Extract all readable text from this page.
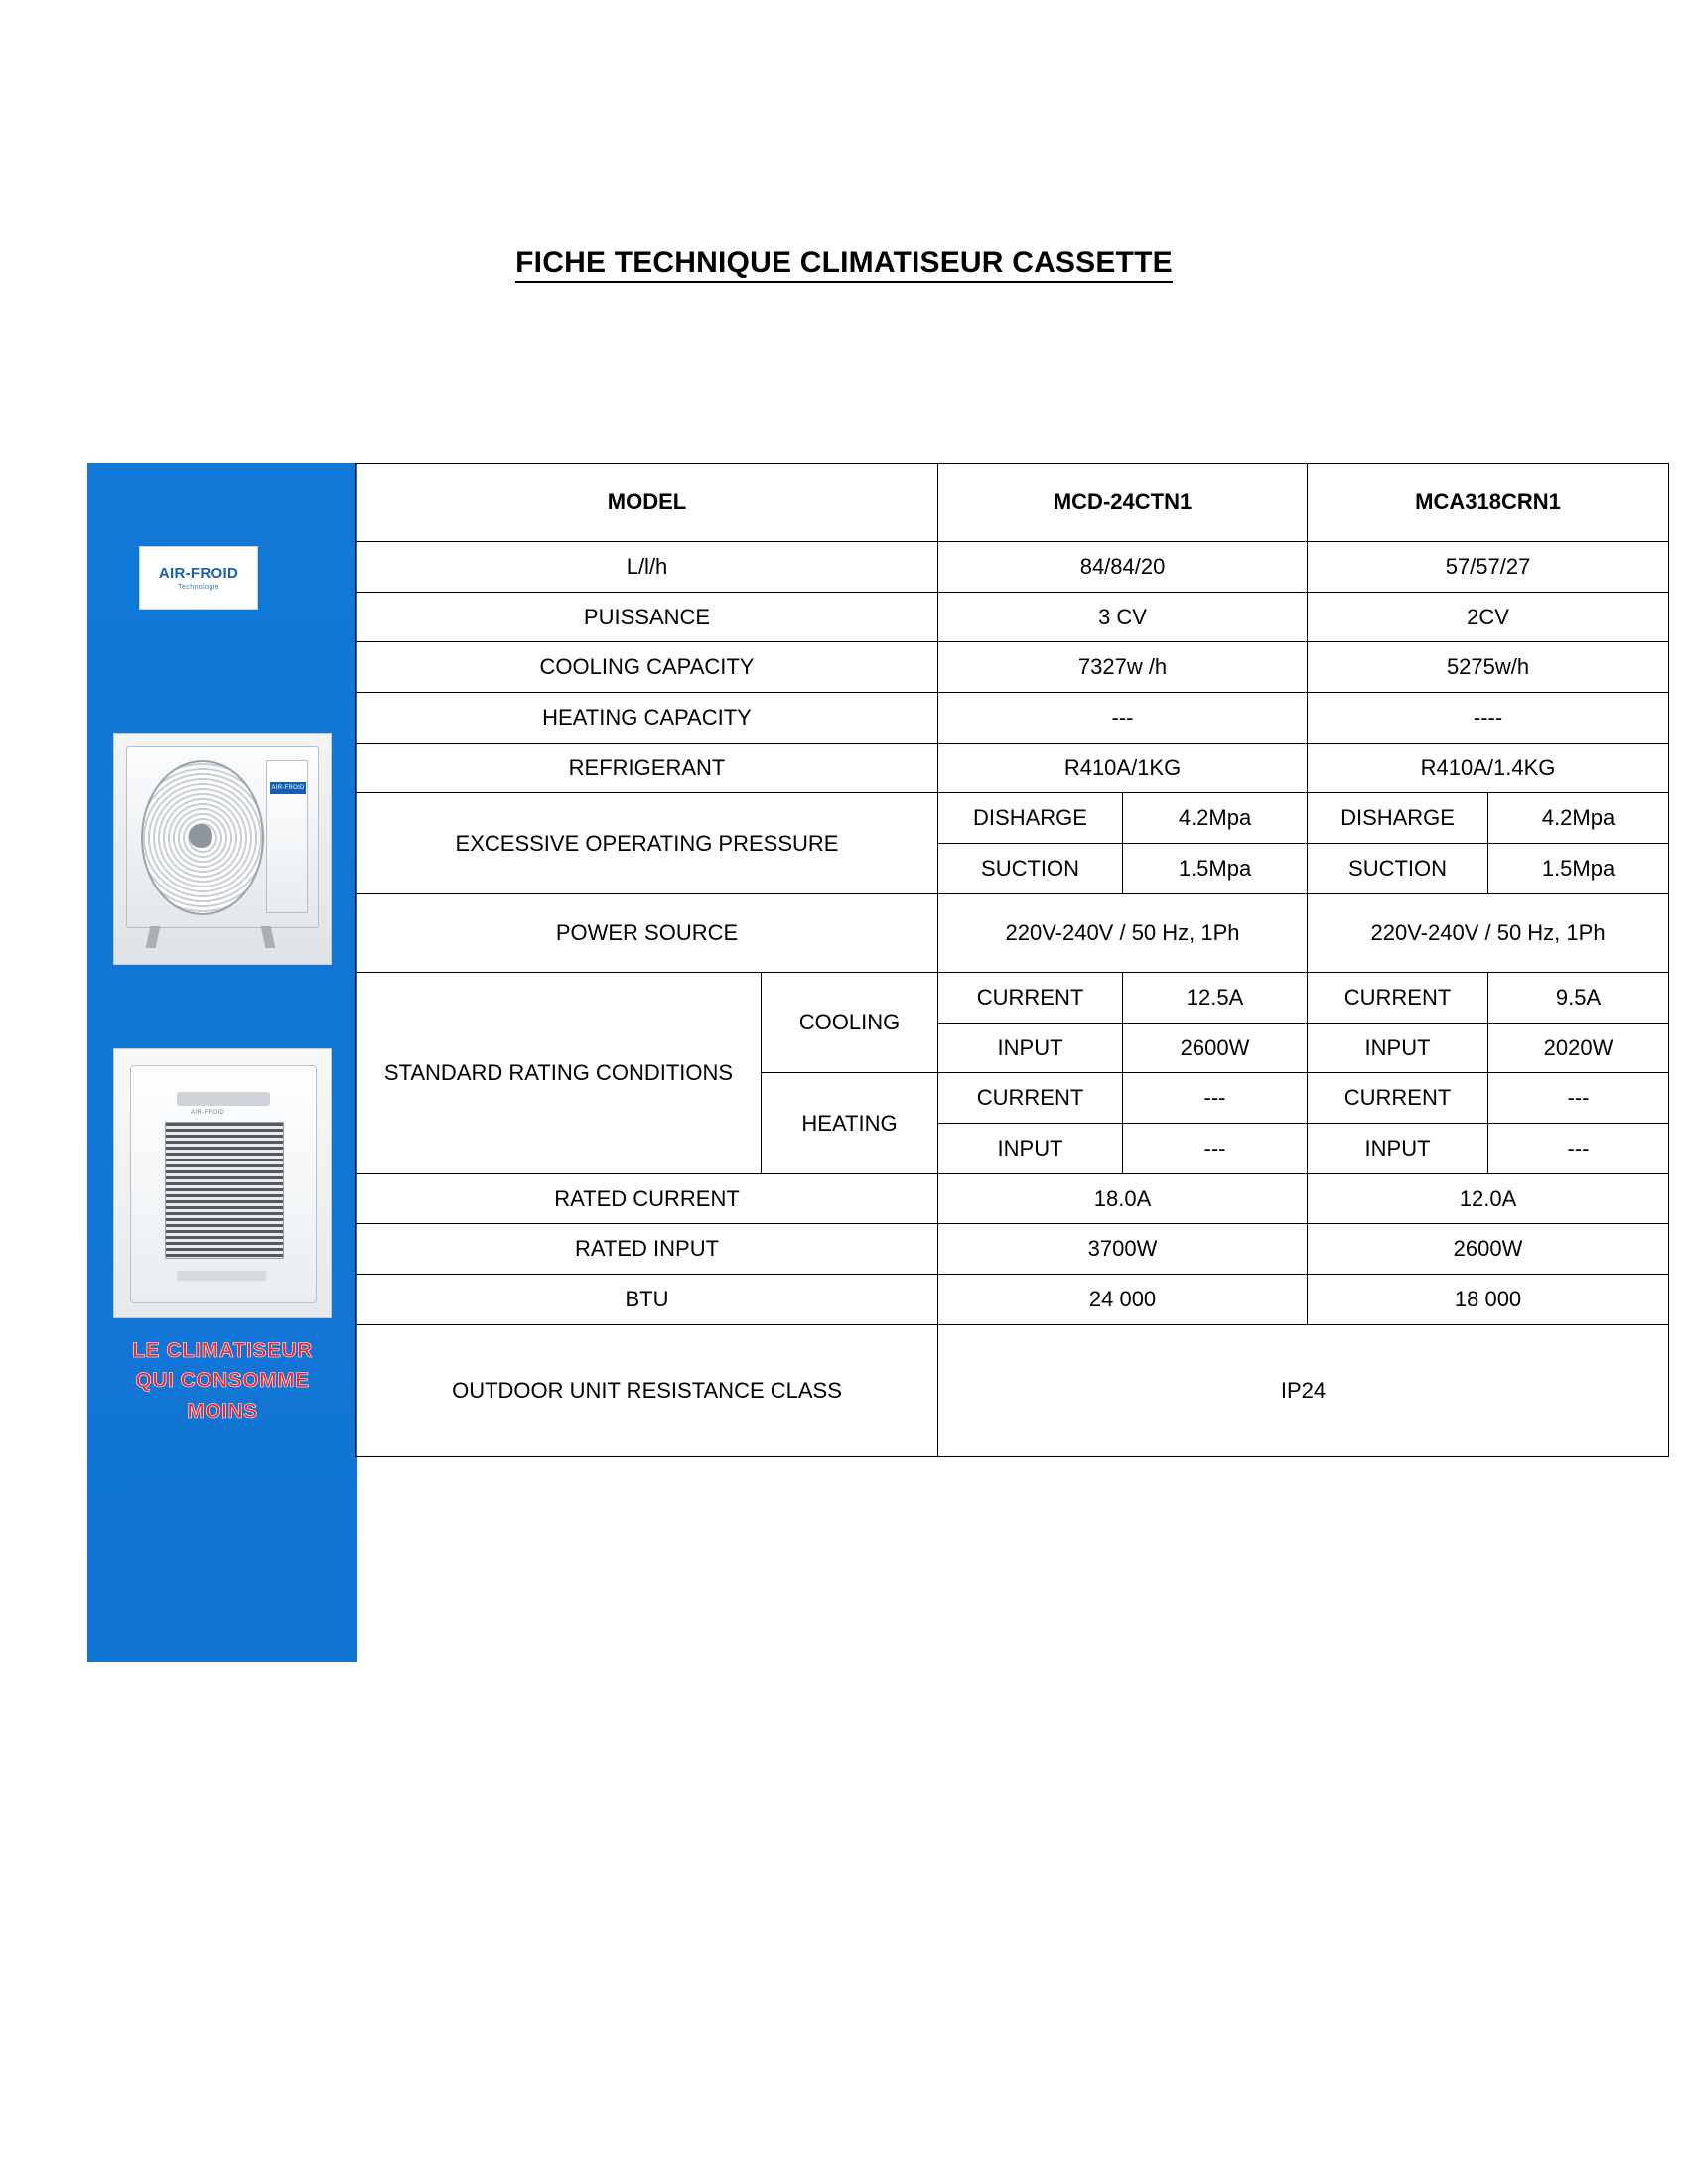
FICHE TECHNIQUE CLIMATISEUR CASSETTE
AIR-FROID
Technologie
AIR-FROID
AIR-FROID
LE CLIMATISEUR
QUI CONSOMME
MOINS
MODEL		MCD-24CTN1		MCA318CRN1	
L/l/h		84/84/20		57/57/27	
PUISSANCE		3 CV		2CV	
COOLING CAPACITY		7327w /h		5275w/h	
HEATING CAPACITY		---		----	
REFRIGERANT		R410A/1KG		R410A/1.4KG	
EXCESSIVE OPERATING PRESSURE		DISHARGE	4.2Mpa	DISHARGE	4.2Mpa
		SUCTION	1.5Mpa	SUCTION	1.5Mpa
POWER SOURCE		220V-240V / 50 Hz, 1Ph		220V-240V / 50 Hz, 1Ph	
STANDARD RATING CONDITIONS	COOLING	CURRENT	12.5A	CURRENT	9.5A
		INPUT	2600W	INPUT	2020W
	HEATING	CURRENT	---	CURRENT	---
		INPUT	---	INPUT	---
RATED CURRENT		18.0A		12.0A	
RATED INPUT		3700W		2600W	
BTU		24 000		18 000	
OUTDOOR UNIT RESISTANCE CLASS		IP24			
